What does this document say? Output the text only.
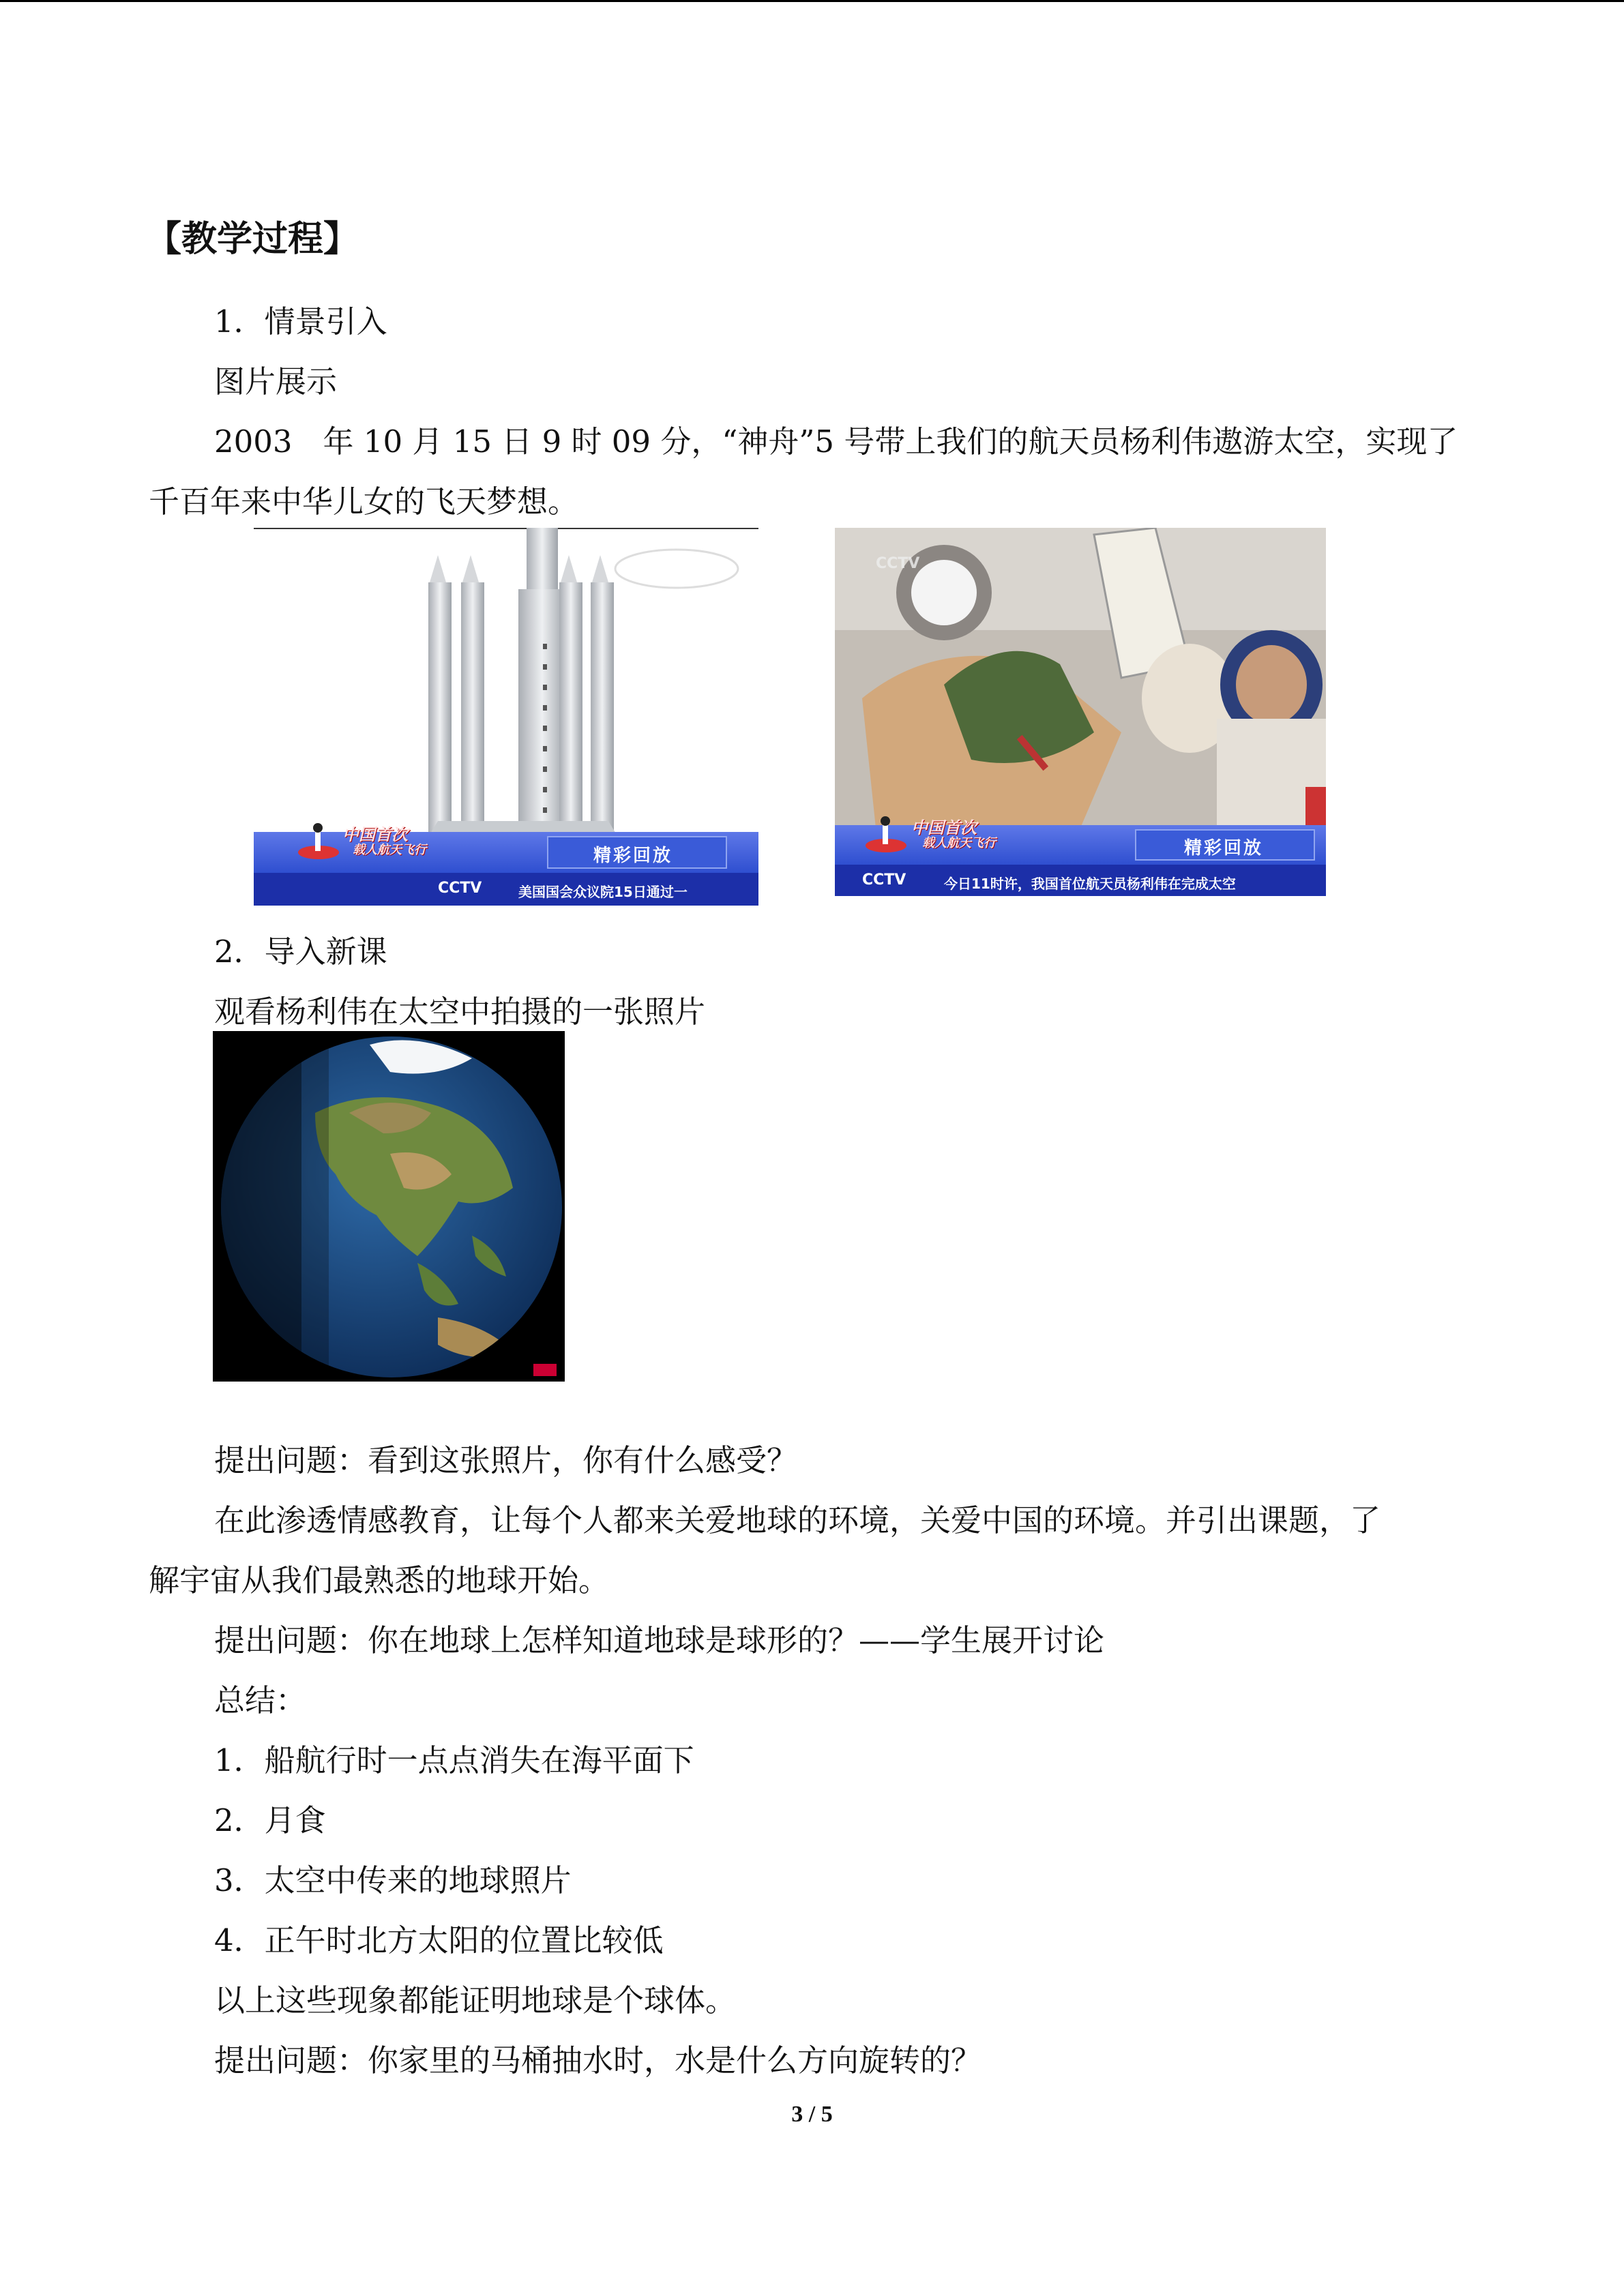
【教学过程】
1．情景引入
图片展示
2003　年 10 月 15 日 9 时 09 分，“神舟”5 号带上我们的航天员杨利伟遨游太空，实现了
千百年来中华儿女的飞天梦想。
精彩回放
中国首次
载人航天飞行
CCTV	美国国会众议院15日通过一
CCTV
精彩回放
中国首次
载人航天飞行
CCTV	今日11时许，我国首位航天员杨利伟在完成太空
2．导入新课
观看杨利伟在太空中拍摄的一张照片
提出问题：看到这张照片，你有什么感受？
在此渗透情感教育，让每个人都来关爱地球的环境，关爱中国的环境。并引出课题，了
解宇宙从我们最熟悉的地球开始。
提出问题：你在地球上怎样知道地球是球形的？——学生展开讨论
总结：
1．船航行时一点点消失在海平面下
2．月食
3．太空中传来的地球照片
4．正午时北方太阳的位置比较低
以上这些现象都能证明地球是个球体。
提出问题：你家里的马桶抽水时，水是什么方向旋转的？
3 / 5
